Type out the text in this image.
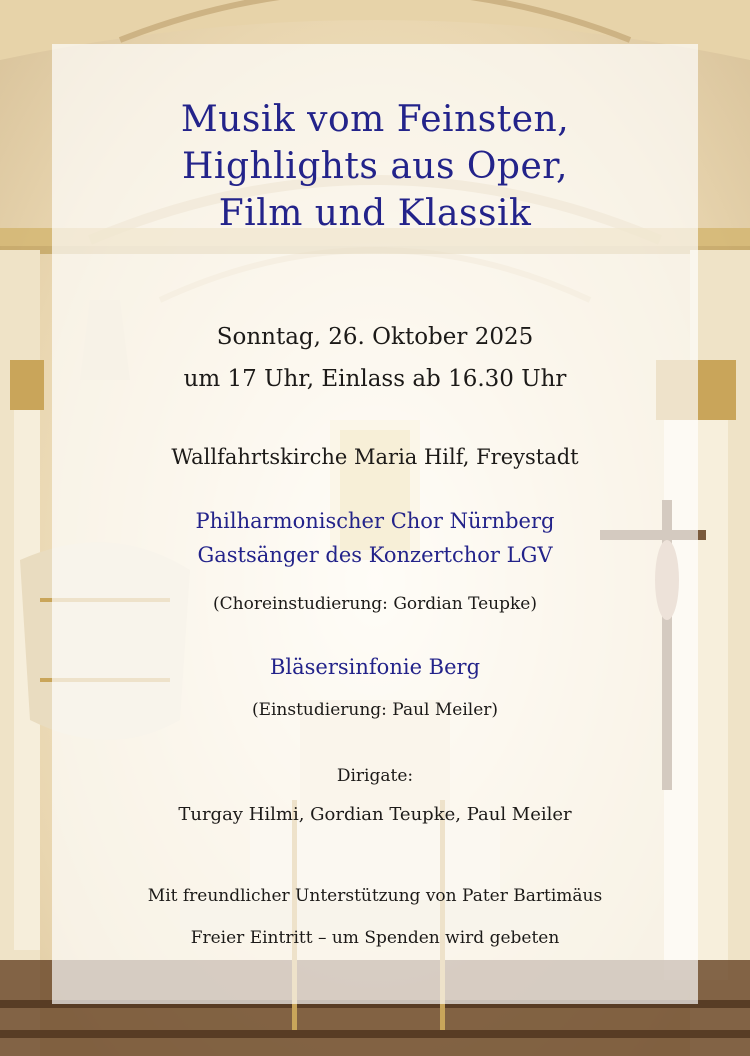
Musik vom Feinsten,
Highlights aus Oper,
Film und Klassik
Sonntag, 26. Oktober 2025
um 17 Uhr, Einlass ab 16.30 Uhr
Wallfahrtskirche Maria Hilf, Freystadt
Philharmonischer Chor Nürnberg
Gastsänger des Konzertchor LGV
(Choreinstudierung: Gordian Teupke)
Bläsersinfonie Berg
(Einstudierung: Paul Meiler)
Dirigate:
Turgay Hilmi, Gordian Teupke, Paul Meiler
Mit freundlicher Unterstützung von Pater Bartimäus
Freier Eintritt – um Spenden wird gebeten
